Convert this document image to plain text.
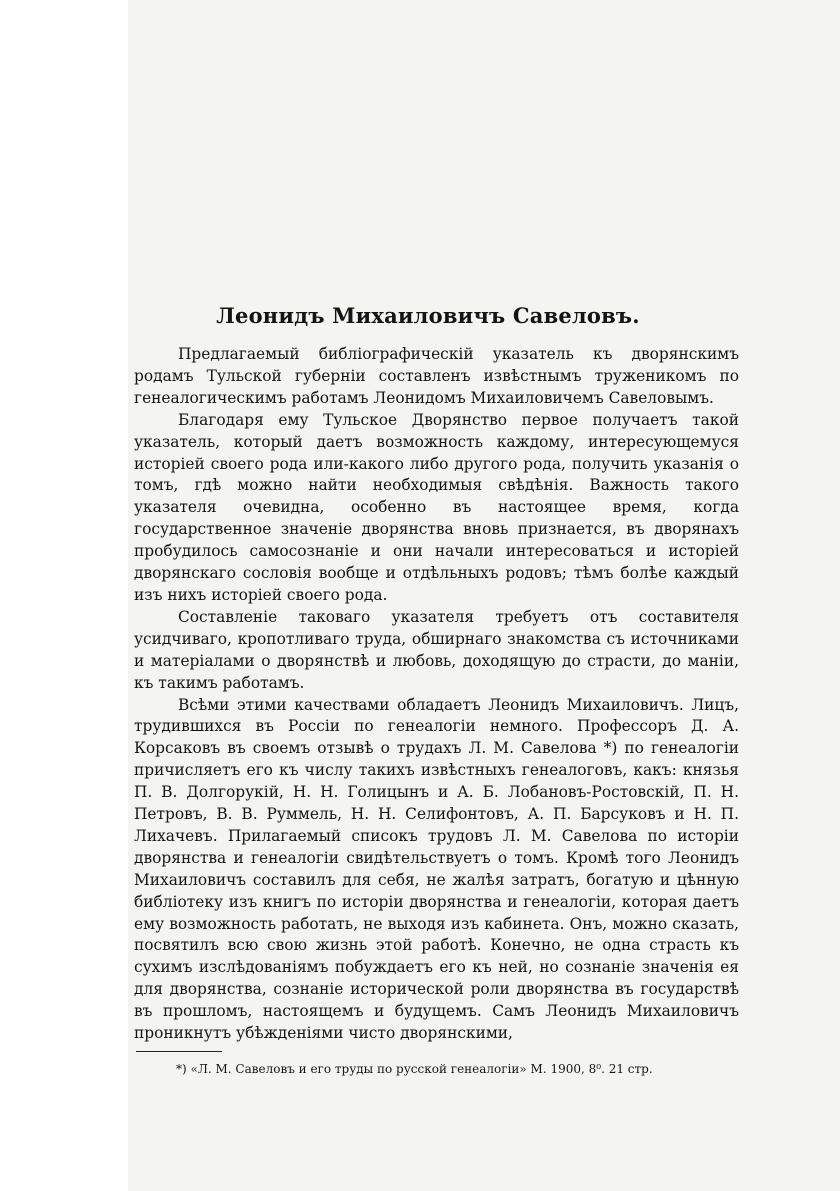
Леонидъ Михаиловичъ Савеловъ.

Предлагаемый библіографическій указатель къ дворянскимъ родамъ Тульской губерніи составленъ извѣстнымъ труженикомъ по генеалогическимъ работамъ Леонидомъ Михаиловичемъ Савеловымъ.

Благодаря ему Тульское Дворянство первое получаетъ такой указатель, который даетъ возможность каждому, интересующемуся исторіей своего рода или-какого либо другого рода, получить указанія о томъ, гдѣ можно найти необходимыя свѣдѣнія. Важность такого указателя очевидна, особенно въ настоящее время, когда государственное значеніе дворянства вновь признается, въ дворянахъ пробудилось самосознаніе и они начали интересоваться и исторіей дворянскаго сословія вообще и отдѣльныхъ родовъ; тѣмъ болѣе каждый изъ нихъ исторіей своего рода.

Составленіе таковаго указателя требуетъ отъ составителя усидчиваго, кропотливаго труда, обширнаго знакомства съ источниками и матеріалами о дворянствѣ и любовь, доходящую до страсти, до маніи, къ такимъ работамъ.

Всѣми этими качествами обладаетъ Леонидъ Михаиловичъ. Лицъ, трудившихся въ Россіи по генеалогіи немного. Профессоръ Д. А. Корсаковъ въ своемъ отзывѣ о трудахъ Л. М. Савелова *) по генеалогіи причисляетъ его къ числу такихъ извѣстныхъ генеалоговъ, какъ: князья П. В. Долгорукій, Н. Н. Голицынъ и А. Б. Лобановъ-Ростовскій, П. Н. Петровъ, В. В. Руммель, Н. Н. Селифонтовъ, А. П. Барсуковъ и Н. П. Лихачевъ. Прилагаемый списокъ трудовъ Л. М. Савелова по исторіи дворянства и генеалогіи свидѣтельствуетъ о томъ. Кромѣ того Леонидъ Михаиловичъ составилъ для себя, не жалѣя затратъ, богатую и цѣнную библіотеку изъ книгъ по исторіи дворянства и генеалогіи, которая даетъ ему возможность работать, не выходя изъ кабинета. Онъ, можно сказать, посвятилъ всю свою жизнь этой работѣ. Конечно, не одна страсть къ сухимъ изслѣдованіямъ побуждаетъ его къ ней, но сознаніе значенія ея для дворянства, сознаніе исторической роли дворянства въ государствѣ въ прошломъ, настоящемъ и будущемъ. Самъ Леонидъ Михаиловичъ проникнутъ убѣжденіями чисто дворянскими,

*) «Л. М. Савеловъ и его труды по русской генеалогіи» М. 1900, 8⁰. 21 стр.
